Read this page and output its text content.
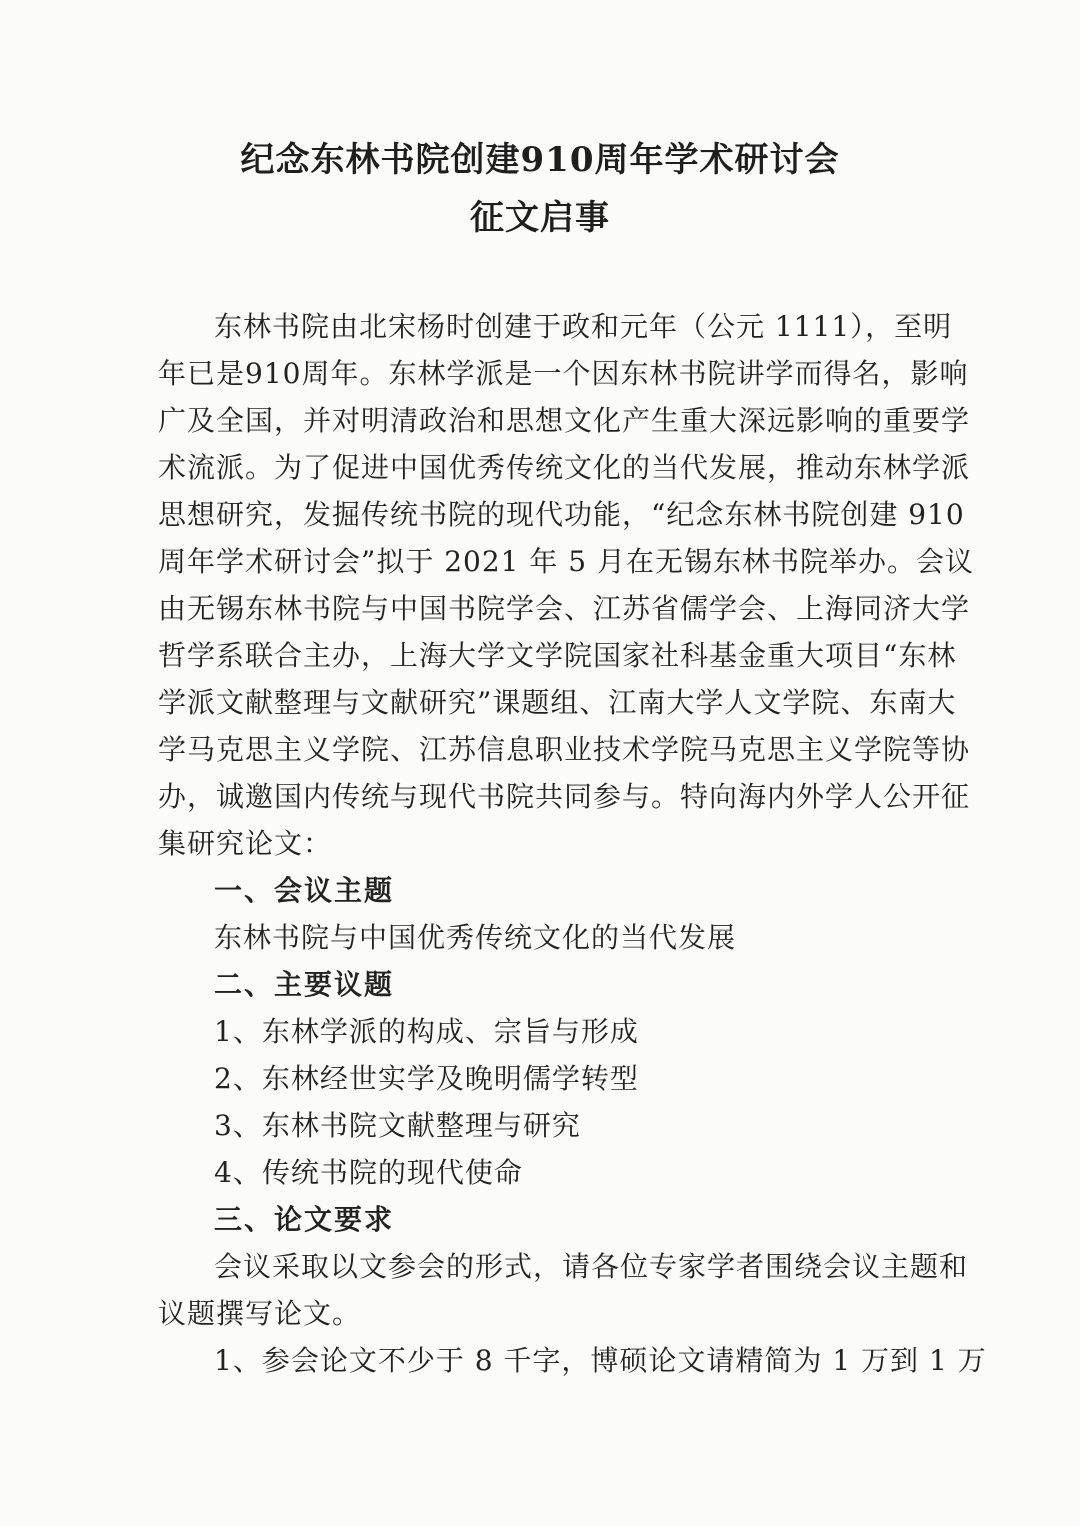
纪念东林书院创建910周年学术研讨会
征文启事
东林书院由北宋杨时创建于政和元年（公元 1111），至明
年已是910周年。东林学派是一个因东林书院讲学而得名，影响
广及全国，并对明清政治和思想文化产生重大深远影响的重要学
术流派。为了促进中国优秀传统文化的当代发展，推动东林学派
思想研究，发掘传统书院的现代功能，“纪念东林书院创建 910
周年学术研讨会”拟于 2021 年 5 月在无锡东林书院举办。会议
由无锡东林书院与中国书院学会、江苏省儒学会、上海同济大学
哲学系联合主办，上海大学文学院国家社科基金重大项目“东林
学派文献整理与文献研究”课题组、江南大学人文学院、东南大
学马克思主义学院、江苏信息职业技术学院马克思主义学院等协
办，诚邀国内传统与现代书院共同参与。特向海内外学人公开征
集研究论文：
一、会议主题
东林书院与中国优秀传统文化的当代发展
二、主要议题
1、东林学派的构成、宗旨与形成
2、东林经世实学及晚明儒学转型
3、东林书院文献整理与研究
4、传统书院的现代使命
三、论文要求
会议采取以文参会的形式，请各位专家学者围绕会议主题和
议题撰写论文。
1、参会论文不少于 8 千字，博硕论文请精简为 1 万到 1 万
